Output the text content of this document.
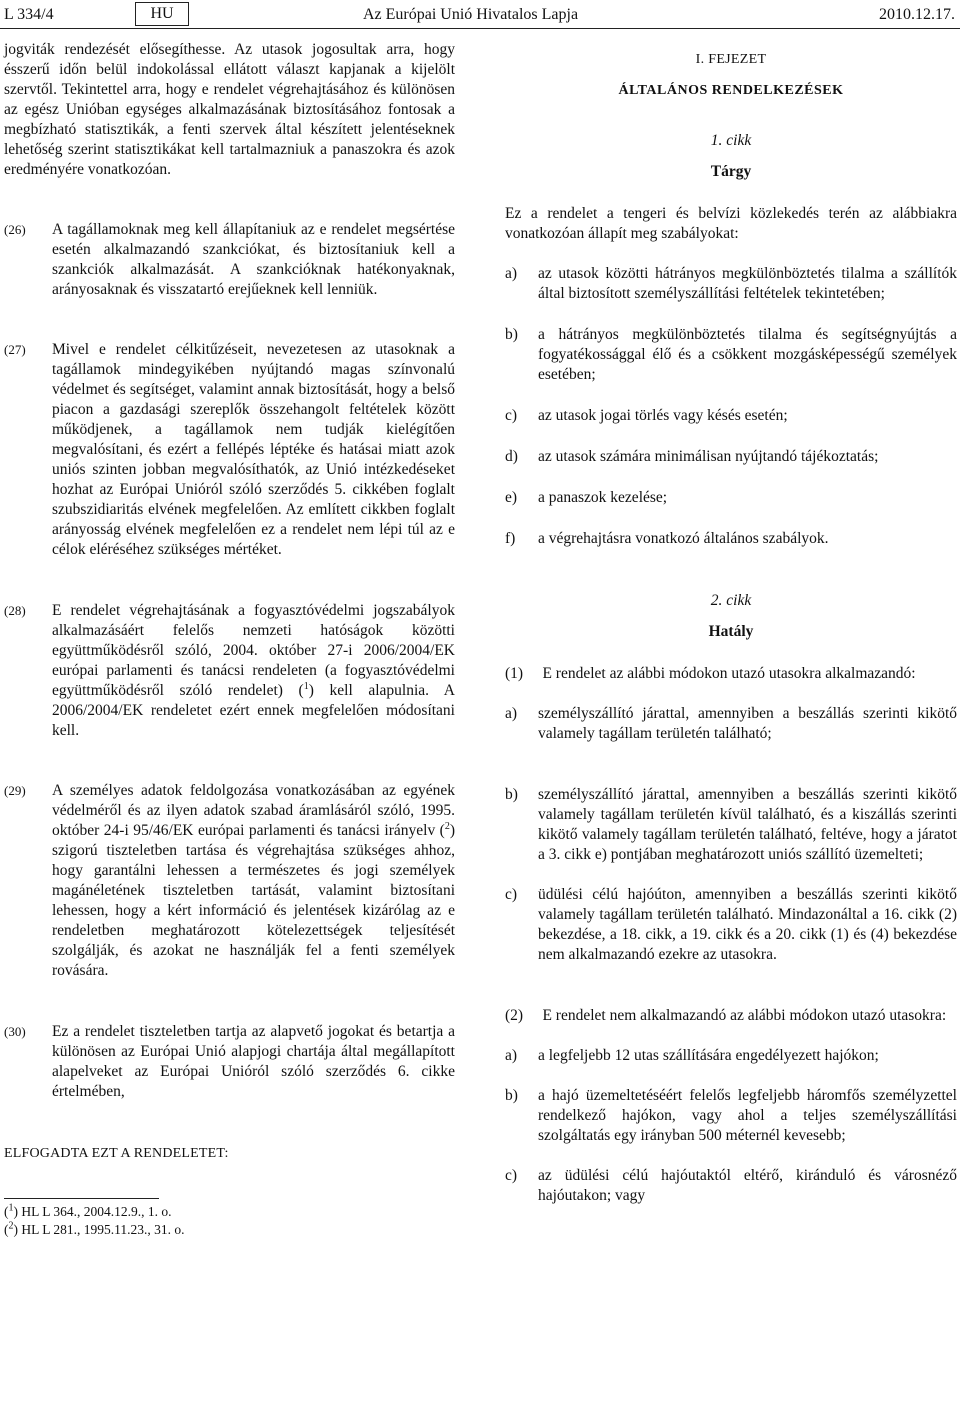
L 334/4	HU	Az Európai Unió Hivatalos Lapja	2010.12.17.

jogviták rendezését elősegíthesse. Az utasok jogosultak arra, hogy ésszerű időn belül indokolással ellátott választ kapjanak a kijelölt szervtől. Tekintettel arra, hogy e rendelet végrehajtásához és különösen az egész Unióban egységes alkalmazásának biztosításához fontosak a megbízható statisztikák, a fenti szervek által készített jelentéseknek lehetőség szerint statisztikákat kell tartalmazniuk a panaszokra és azok eredményére vonatkozóan.

(26)	A tagállamoknak meg kell állapítaniuk az e rendelet megsértése esetén alkalmazandó szankciókat, és biztosítaniuk kell a szankciók alkalmazását. A szankcióknak hatékonyaknak, arányosaknak és visszatartó erejűeknek kell lenniük.
(27)	Mivel e rendelet célkitűzéseit, nevezetesen az utasoknak a tagállamok mindegyikében nyújtandó magas színvonalú védelmet és segítséget, valamint annak biztosítását, hogy a belső piacon a gazdasági szereplők összehangolt feltételek között működjenek, a tagállamok nem tudják kielégítően megvalósítani, és ezért a fellépés léptéke és hatásai miatt azok uniós szinten jobban megvalósíthatók, az Unió intézkedéseket hozhat az Európai Unióról szóló szerződés 5. cikkében foglalt szubszidiaritás elvének megfelelően. Az említett cikkben foglalt arányosság elvének megfelelően ez a rendelet nem lépi túl az e célok eléréséhez szükséges mértéket.
(28)	E rendelet végrehajtásának a fogyasztóvédelmi jogszabályok alkalmazásáért felelős nemzeti hatóságok közötti együttműködésről szóló, 2004. október 27-i 2006/2004/EK európai parlamenti és tanácsi rendeleten (a fogyasztóvédelmi együttműködésről szóló rendelet) ($^1$) kell alapulnia. A 2006/2004/EK rendeletet ezért ennek megfelelően módosítani kell.
(29)	A személyes adatok feldolgozása vonatkozásában az egyének védelméről és az ilyen adatok szabad áramlásáról szóló, 1995. október 24-i 95/46/EK európai parlamenti és tanácsi irányelv ($^2$) szigorú tiszteletben tartása és végrehajtása szükséges ahhoz, hogy garantálni lehessen a természetes és jogi személyek magánéletének tiszteletben tartását, valamint biztosítani lehessen, hogy a kért információ és jelentések kizárólag az e rendeletben meghatározott kötelezettségek teljesítését szolgálják, és azokat ne használják fel a fenti személyek rovására.
(30)	Ez a rendelet tiszteletben tartja az alapvető jogokat és betartja a különösen az Európai Unió alapjogi chartája által megállapított alapelveket az Európai Unióról szóló szerződés 6. cikke értelmében,

ELFOGADTA EZT A RENDELETET:

($^1$) HL L 364., 2004.12.9., 1. o.
($^2$) HL L 281., 1995.11.23., 31. o.
I. FEJEZET
ÁLTALÁNOS RENDELKEZÉSEK
1. cikk
Tárgy

Ez a rendelet a tengeri és belvízi közlekedés terén az alábbiakra vonatkozóan állapít meg szabályokat:

a)	az utasok közötti hátrányos megkülönböztetés tilalma a szállítók által biztosított személyszállítási feltételek tekintetében;
b)	a hátrányos megkülönböztetés tilalma és segítségnyújtás a fogyatékossággal élő és a csökkent mozgásképességű személyek esetében;
c)	az utasok jogai törlés vagy késés esetén;
d)	az utasok számára minimálisan nyújtandó tájékoztatás;
e)	a panaszok kezelése;
f)	a végrehajtásra vonatkozó általános szabályok.
2. cikk
Hatály

(1)     E rendelet az alábbi módokon utazó utasokra alkalmazandó:

a)	személyszállító járattal, amennyiben a beszállás szerinti kikötő valamely tagállam területén található;
b)	személyszállító járattal, amennyiben a beszállás szerinti kikötő valamely tagállam területén kívül található, és a kiszállás szerinti kikötő valamely tagállam területén található, feltéve, hogy a járatot a 3. cikk e) pontjában meghatározott uniós szállító üzemelteti;
c)	üdülési célú hajóúton, amennyiben a beszállás szerinti kikötő valamely tagállam területén található. Mindazonáltal a 16. cikk (2) bekezdése, a 18. cikk, a 19. cikk és a 20. cikk (1) és (4) bekezdése nem alkalmazandó ezekre az utasokra.

(2)     E rendelet nem alkalmazandó az alábbi módokon utazó utasokra:

a)	a legfeljebb 12 utas szállítására engedélyezett hajókon;
b)	a hajó üzemeltetéséért felelős legfeljebb háromfős személyzettel rendelkező hajókon, vagy ahol a teljes személyszállítási szolgáltatás egy irányban 500 méternél kevesebb;
c)	az üdülési célú hajóutaktól eltérő, kiránduló és városnéző hajóutakon; vagy
